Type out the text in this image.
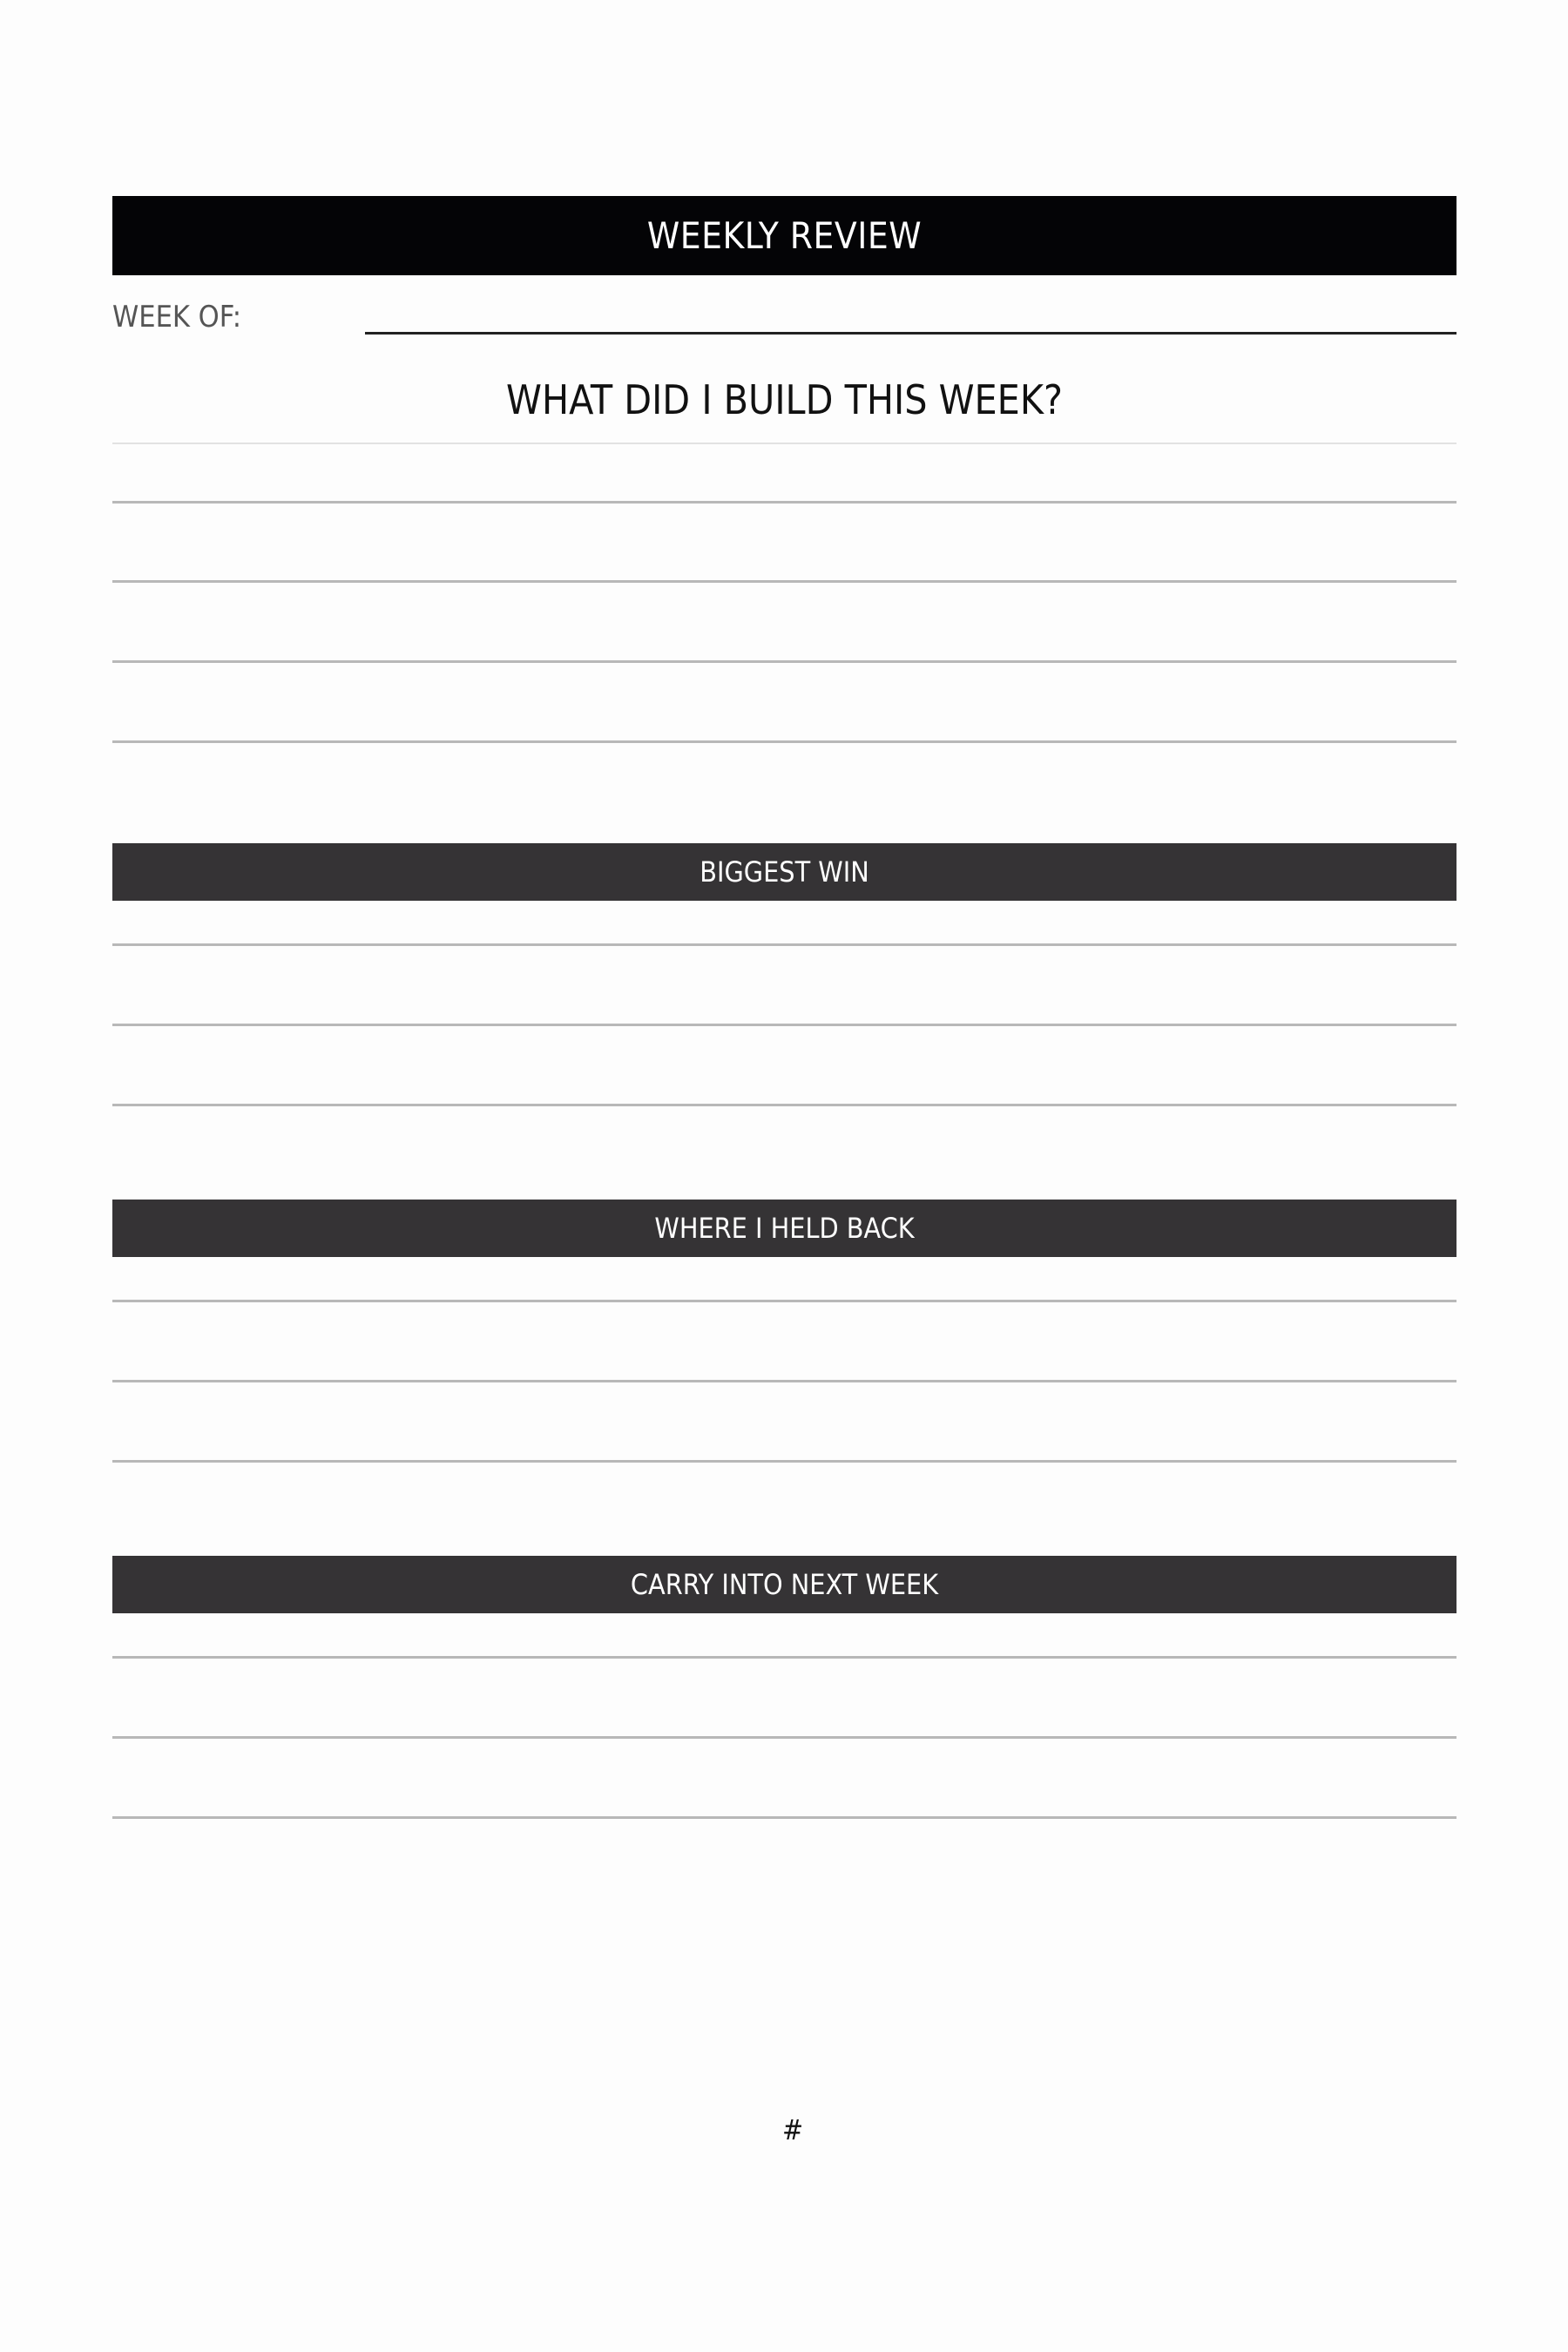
WEEKLY REVIEW
WEEK OF:
WHAT DID I BUILD THIS WEEK?
BIGGEST WIN
WHERE I HELD BACK
CARRY INTO NEXT WEEK
#
